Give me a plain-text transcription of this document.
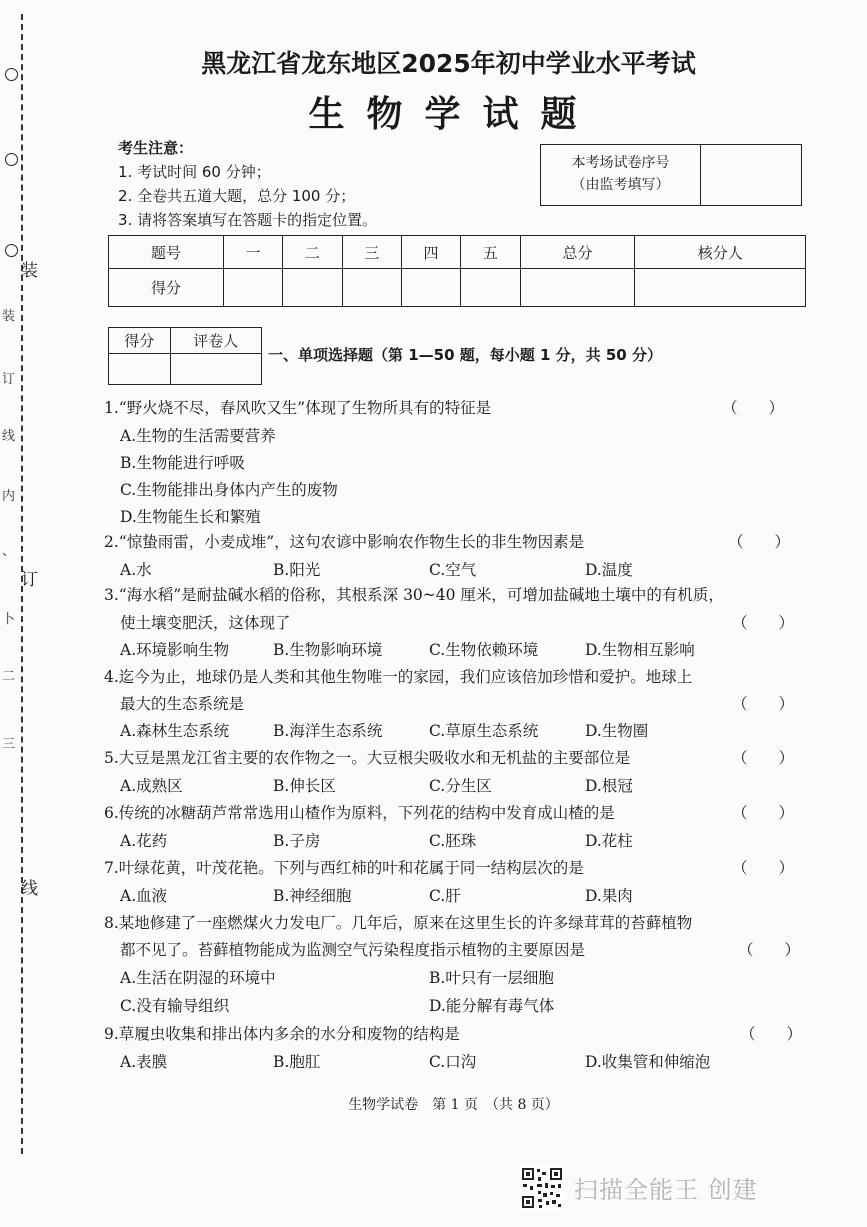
装
订
线
装
订
线
内
、
卜
二
三
黑龙江省龙东地区2025年初中学业水平考试
生物学试题
考生注意：
1. 考试时间 60 分钟；
2. 全卷共五道大题，总分 100 分；
3. 请将答案填写在答题卡的指定位置。
本考场试卷序号
（由监考填写）
题号	一	二	三	四	五	总分	核分人
得分							
得分	评卷人

一、单项选择题（第 1—50 题，每小题 1 分，共 50 分）
1.“野火烧不尽，春风吹又生”体现了生物所具有的特征是	（　　）
A.生物的生活需要营养
B.生物能进行呼吸
C.生物能排出身体内产生的废物
D.生物能生长和繁殖
2.“惊蛰雨雷，小麦成堆”，这句农谚中影响农作物生长的非生物因素是	（　　）
A.水	B.阳光	C.空气	D.温度
3.“海水稻”是耐盐碱水稻的俗称，其根系深 30~40 厘米，可增加盐碱地土壤中的有机质，
使土壤变肥沃，这体现了	（　　）
A.环境影响生物	B.生物影响环境	C.生物依赖环境	D.生物相互影响
4.迄今为止，地球仍是人类和其他生物唯一的家园，我们应该倍加珍惜和爱护。地球上
最大的生态系统是	（　　）
A.森林生态系统	B.海洋生态系统	C.草原生态系统	D.生物圈
5.大豆是黑龙江省主要的农作物之一。大豆根尖吸收水和无机盐的主要部位是	（　　）
A.成熟区	B.伸长区	C.分生区	D.根冠
6.传统的冰糖葫芦常常选用山楂作为原料，下列花的结构中发育成山楂的是	（　　）
A.花药	B.子房	C.胚珠	D.花柱
7.叶绿花黄，叶茂花艳。下列与西红柿的叶和花属于同一结构层次的是	（　　）
A.血液	B.神经细胞	C.肝	D.果肉
8.某地修建了一座燃煤火力发电厂。几年后，原来在这里生长的许多绿茸茸的苔藓植物
都不见了。苔藓植物能成为监测空气污染程度指示植物的主要原因是	（　　）
A.生活在阴湿的环境中	B.叶只有一层细胞
C.没有输导组织	D.能分解有毒气体
9.草履虫收集和排出体内多余的水分和废物的结构是	（　　）
A.表膜	B.胞肛	C.口沟	D.收集管和伸缩泡
生物学试卷　第 1 页　（共 8 页）
扫描全能王 创建
